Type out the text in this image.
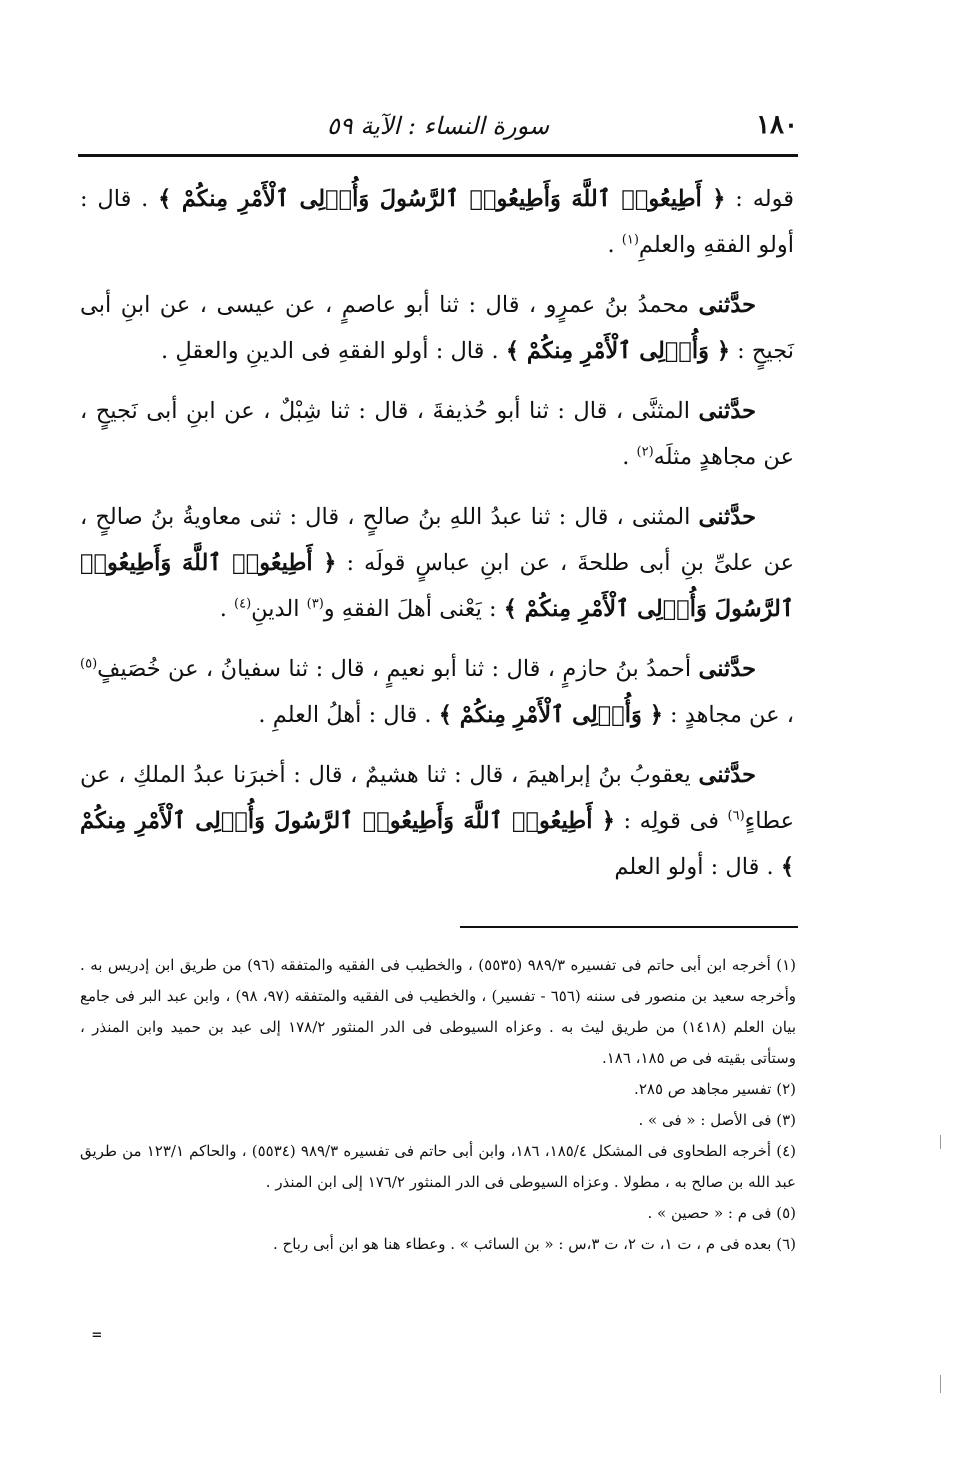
١٨٠
سورة النساء : الآية ٥٩

قوله : ﴿ أَطِيعُوا۟ ٱللَّهَ وَأَطِيعُوا۟ ٱلرَّسُولَ وَأُو۟لِى ٱلْأَمْرِ مِنكُمْ ﴾ . قال : أولو الفقهِ والعلمِ$^{(١)}$ .

حدَّثنى محمدُ بنُ عمرٍو ، قال : ثنا أبو عاصمٍ ، عن عيسى ، عن ابنِ أبى نَجيحٍ : ﴿ وَأُو۟لِى ٱلْأَمْرِ مِنكُمْ ﴾ . قال : أولو الفقهِ فى الدينِ والعقلِ .

حدَّثنى المثنَّى ، قال : ثنا أبو حُذيفةَ ، قال : ثنا شِبْلٌ ، عن ابنِ أبى نَجيحٍ ، عن مجاهدٍ مثلَه$^{(٢)}$ .

حدَّثنى المثنى ، قال : ثنا عبدُ اللهِ بنُ صالحٍ ، قال : ثنى معاويةُ بنُ صالحٍ ، عن علىِّ بنِ أبى طلحةَ ، عن ابنِ عباسٍ قولَه : ﴿ أَطِيعُوا۟ ٱللَّهَ وَأَطِيعُوا۟ ٱلرَّسُولَ وَأُو۟لِى ٱلْأَمْرِ مِنكُمْ ﴾ : يَعْنى أهلَ الفقهِ و$^{(٣)}$ الدينِ$^{(٤)}$ .

حدَّثنى أحمدُ بنُ حازمٍ ، قال : ثنا أبو نعيمٍ ، قال : ثنا سفيانُ ، عن خُصَيفٍ$^{(٥)}$ ، عن مجاهدٍ : ﴿ وَأُو۟لِى ٱلْأَمْرِ مِنكُمْ ﴾ . قال : أهلُ العلمِ .

حدَّثنى يعقوبُ بنُ إبراهيمَ ، قال : ثنا هشيمٌ ، قال : أخبرَنا عبدُ الملكِ ، عن عطاءٍ$^{(٦)}$ فى قولِه : ﴿ أَطِيعُوا۟ ٱللَّهَ وَأَطِيعُوا۟ ٱلرَّسُولَ وَأُو۟لِى ٱلْأَمْرِ مِنكُمْ ﴾ . قال : أولو العلم

(١) أخرجه ابن أبى حاتم فى تفسيره ٩٨٩/٣ (٥٥٣٥) ، والخطيب فى الفقيه والمتفقه (٩٦) من طريق ابن إدريس به . وأخرجه سعيد بن منصور فى سننه (٦٥٦ - تفسير) ، والخطيب فى الفقيه والمتفقه (٩٧، ٩٨) ، وابن عبد البر فى جامع بيان العلم (١٤١٨) من طريق ليث به . وعزاه السيوطى فى الدر المنثور ١٧٨/٢ إلى عبد بن حميد وابن المنذر ، وستأتى بقيته فى ص ١٨٥، ١٨٦.

(٢) تفسير مجاهد ص ٢٨٥.

(٣) فى الأصل : « فى » .

(٤) أخرجه الطحاوى فى المشكل ١٨٥/٤، ١٨٦، وابن أبى حاتم فى تفسيره ٩٨٩/٣ (٥٥٣٤) ، والحاكم ١٢٣/١ من طريق عبد الله بن صالح به ، مطولا . وعزاه السيوطى فى الدر المنثور ١٧٦/٢ إلى ابن المنذر .

(٥) فى م : « حصين » .

(٦) بعده فى م ، ت ١، ت ٢، ت ٣،س : « بن السائب » . وعطاء هنا هو ابن أبى رباح .

=
